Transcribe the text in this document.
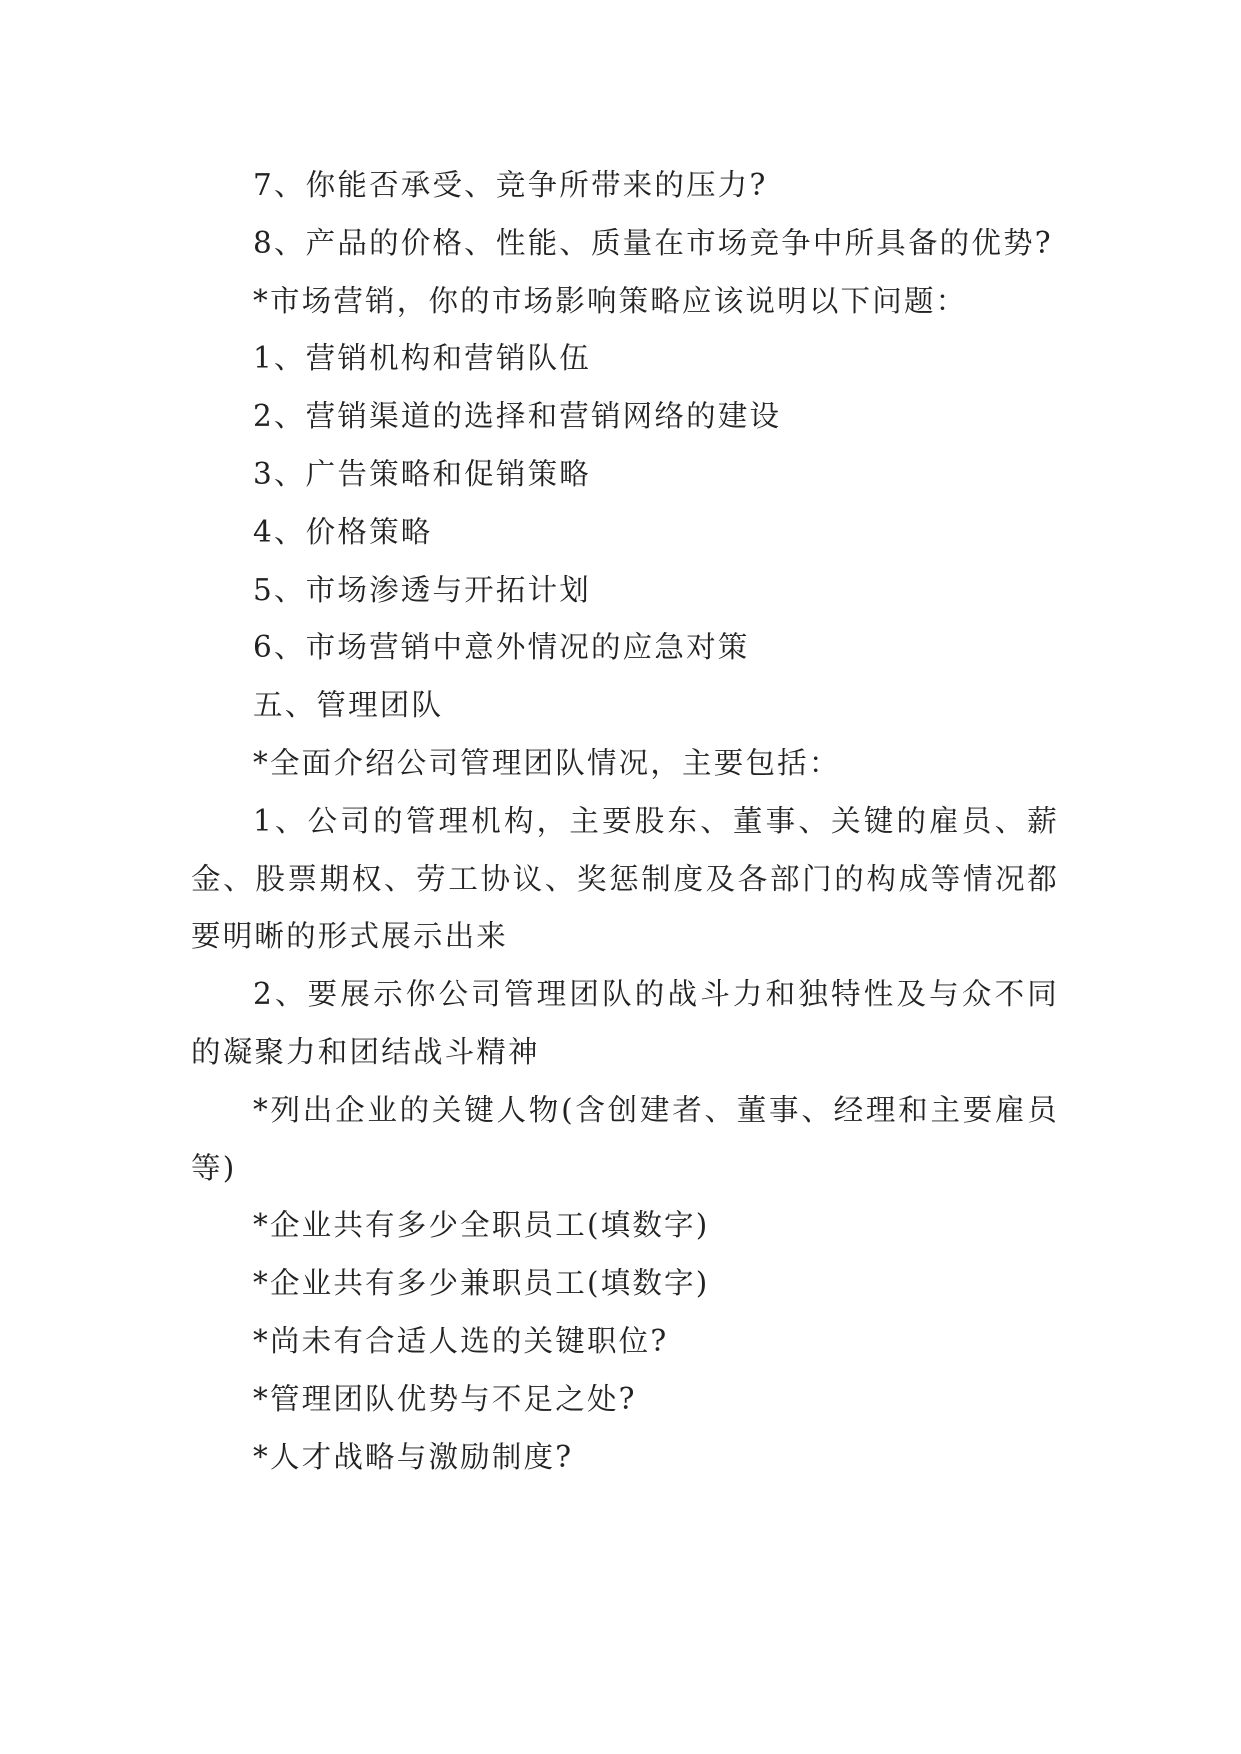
7、你能否承受、竞争所带来的压力?

8、产品的价格、性能、质量在市场竞争中所具备的优势?

*市场营销，你的市场影响策略应该说明以下问题：

1、营销机构和营销队伍

2、营销渠道的选择和营销网络的建设

3、广告策略和促销策略

4、价格策略

5、市场渗透与开拓计划

6、市场营销中意外情况的应急对策

五、管理团队

*全面介绍公司管理团队情况，主要包括：

1、公司的管理机构，主要股东、董事、关键的雇员、薪金、股票期权、劳工协议、奖惩制度及各部门的构成等情况都要明晰的形式展示出来

2、要展示你公司管理团队的战斗力和独特性及与众不同的凝聚力和团结战斗精神

*列出企业的关键人物(含创建者、董事、经理和主要雇员等)

*企业共有多少全职员工(填数字)

*企业共有多少兼职员工(填数字)

*尚未有合适人选的关键职位?

*管理团队优势与不足之处?

*人才战略与激励制度?
